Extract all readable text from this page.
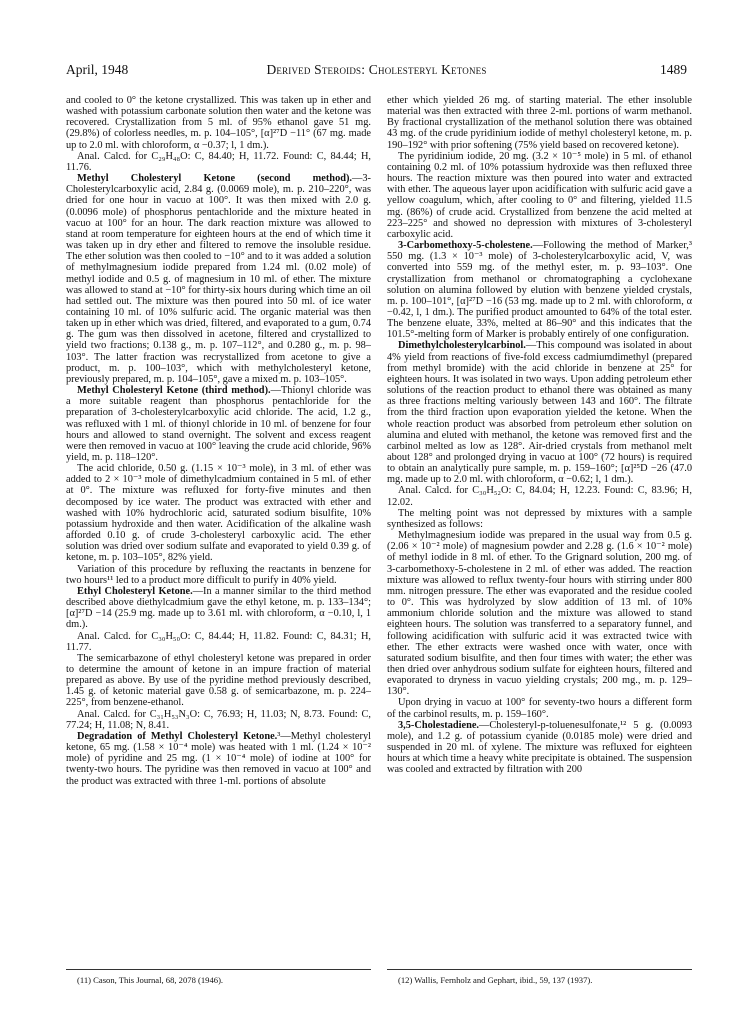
April, 1948	Derived Steroids: Cholesteryl Ketones	1489

and cooled to 0° the ketone crystallized. This was taken up in ether and washed with potassium carbonate solution then water and the ketone was recovered. Crystallization from 5 ml. of 95% ethanol gave 51 mg. (29.8%) of colorless needles, m. p. 104–105°, [α]²⁷D −11° (67 mg. made up to 2.0 ml. with chloroform, α −0.37; l, 1 dm.).

Anal. Calcd. for C₂₉H₄₈O: C, 84.40; H, 11.72. Found: C, 84.44; H, 11.76.

Methyl Cholesteryl Ketone (second method).—3-Cholesterylcarboxylic acid, 2.84 g. (0.0069 mole), m. p. 210–220°, was dried for one hour in vacuo at 100°. It was then mixed with 2.0 g. (0.0096 mole) of phosphorus pentachloride and the mixture heated in vacuo at 100° for an hour. The dark reaction mixture was allowed to stand at room temperature for eighteen hours at the end of which time it was taken up in dry ether and filtered to remove the insoluble residue. The ether solution was then cooled to −10° and to it was added a solution of methylmagnesium iodide prepared from 1.24 ml. (0.02 mole) of methyl iodide and 0.5 g. of magnesium in 10 ml. of ether. The mixture was allowed to stand at −10° for thirty-six hours during which time an oil had settled out. The mixture was then poured into 50 ml. of ice water containing 10 ml. of 10% sulfuric acid. The organic material was then taken up in ether which was dried, filtered, and evaporated to a gum, 0.74 g. The gum was then dissolved in acetone, filtered and crystallized to yield two fractions; 0.138 g., m. p. 107–112°, and 0.280 g., m. p. 98–103°. The latter fraction was recrystallized from acetone to give a product, m. p. 100–103°, which with methylcholesteryl ketone, previously prepared, m. p. 104–105°, gave a mixed m. p. 103–105°.

Methyl Cholesteryl Ketone (third method).—Thionyl chloride was a more suitable reagent than phosphorus pentachloride for the preparation of 3-cholesterylcarboxylic acid chloride. The acid, 1.2 g., was refluxed with 1 ml. of thionyl chloride in 10 ml. of benzene for four hours and allowed to stand overnight. The solvent and excess reagent were then removed in vacuo at 100° leaving the crude acid chloride, 96% yield, m. p. 118–120°.

The acid chloride, 0.50 g. (1.15 × 10⁻³ mole), in 3 ml. of ether was added to 2 × 10⁻³ mole of dimethylcadmium contained in 5 ml. of ether at 0°. The mixture was refluxed for forty-five minutes and then decomposed by ice water. The product was extracted with ether and washed with 10% hydrochloric acid, saturated sodium bisulfite, 10% potassium hydroxide and then water. Acidification of the alkaline wash afforded 0.10 g. of crude 3-cholesteryl carboxylic acid. The ether solution was dried over sodium sulfate and evaporated to yield 0.39 g. of ketone, m. p. 103–105°, 82% yield.

Variation of this procedure by refluxing the reactants in benzene for two hours¹¹ led to a product more difficult to purify in 40% yield.

Ethyl Cholesteryl Ketone.—In a manner similar to the third method described above diethylcadmium gave the ethyl ketone, m. p. 133–134°; [α]²⁷D −14 (25.9 mg. made up to 3.61 ml. with chloroform, α −0.10, l, 1 dm.).

Anal. Calcd. for C₃₀H₅₀O: C, 84.44; H, 11.82. Found: C, 84.31; H, 11.77.

The semicarbazone of ethyl cholesteryl ketone was prepared in order to determine the amount of ketone in an impure fraction of material prepared as above. By use of the pyridine method previously described, 1.45 g. of ketonic material gave 0.58 g. of semicarbazone, m. p. 224–225°, from benzene-ethanol.

Anal. Calcd. for C₃₁H₅₃N₃O: C, 76.93; H, 11.03; N, 8.73. Found: C, 77.24; H, 11.08; N, 8.41.

Degradation of Methyl Cholesteryl Ketone.³—Methyl cholesteryl ketone, 65 mg. (1.58 × 10⁻⁴ mole) was heated with 1 ml. (1.24 × 10⁻² mole) of pyridine and 25 mg. (1 × 10⁻⁴ mole) of iodine at 100° for twenty-two hours. The pyridine was then removed in vacuo at 100° and the product was extracted with three 1-ml. portions of absolute

ether which yielded 26 mg. of starting material. The ether insoluble material was then extracted with three 2-ml. portions of warm methanol. By fractional crystallization of the methanol solution there was obtained 43 mg. of the crude pyridinium iodide of methyl cholesteryl ketone, m. p. 190–192° with prior softening (75% yield based on recovered ketone).

The pyridinium iodide, 20 mg. (3.2 × 10⁻⁵ mole) in 5 ml. of ethanol containing 0.2 ml. of 10% potassium hydroxide was then refluxed three hours. The reaction mixture was then poured into water and extracted with ether. The aqueous layer upon acidification with sulfuric acid gave a yellow coagulum, which, after cooling to 0° and filtering, yielded 11.5 mg. (86%) of crude acid. Crystallized from benzene the acid melted at 223–225° and showed no depression with mixtures of 3-cholesteryl carboxylic acid.

3-Carbomethoxy-5-cholestene.—Following the method of Marker,³ 550 mg. (1.3 × 10⁻³ mole) of 3-cholesterylcarboxylic acid, V, was converted into 559 mg. of the methyl ester, m. p. 93–103°. One crystallization from methanol or chromatographing a cyclohexane solution on alumina followed by elution with benzene yielded crystals, m. p. 100–101°, [α]²⁷D −16 (53 mg. made up to 2 ml. with chloroform, α −0.42, l, 1 dm.). The purified product amounted to 64% of the total ester. The benzene eluate, 33%, melted at 86–90° and this indicates that the 101.5°-melting form of Marker is probably entirely of one configuration.

Dimethylcholesterylcarbinol.—This compound was isolated in about 4% yield from reactions of five-fold excess cadmiumdimethyl (prepared from methyl bromide) with the acid chloride in benzene at 25° for eighteen hours. It was isolated in two ways. Upon adding petroleum ether solutions of the reaction product to ethanol there was obtained as many as three fractions melting variously between 143 and 160°. The filtrate from the third fraction upon evaporation yielded the ketone. When the whole reaction product was absorbed from petroleum ether solution on alumina and eluted with methanol, the ketone was removed first and the carbinol melted as low as 128°. Air-dried crystals from methanol melt about 128° and prolonged drying in vacuo at 100° (72 hours) is required to obtain an analytically pure sample, m. p. 159–160°; [α]²⁵D −26 (47.0 mg. made up to 2.0 ml. with chloroform, α −0.62; l, 1 dm.).

Anal. Calcd. for C₃₀H₅₂O: C, 84.04; H, 12.23. Found: C, 83.96; H, 12.02.

The melting point was not depressed by mixtures with a sample synthesized as follows:

Methylmagnesium iodide was prepared in the usual way from 0.5 g. (2.06 × 10⁻² mole) of magnesium powder and 2.28 g. (1.6 × 10⁻² mole) of methyl iodide in 8 ml. of ether. To the Grignard solution, 200 mg. of 3-carbomethoxy-5-cholestene in 2 ml. of ether was added. The reaction mixture was allowed to reflux twenty-four hours with stirring under 800 mm. nitrogen pressure. The ether was evaporated and the residue cooled to 0°. This was hydrolyzed by slow addition of 13 ml. of 10% ammonium chloride solution and the mixture was allowed to stand eighteen hours. The solution was transferred to a separatory funnel, and following acidification with sulfuric acid it was extracted twice with ether. The ether extracts were washed once with water, once with saturated sodium bisulfite, and then four times with water; the ether was then dried over anhydrous sodium sulfate for eighteen hours, filtered and evaporated to dryness in vacuo yielding crystals; 200 mg., m. p. 129–130°.

Upon drying in vacuo at 100° for seventy-two hours a different form of the carbinol results, m. p. 159–160°.

3,5-Cholestadiene.—Cholesteryl-p-toluenesulfonate,¹² 5 g. (0.0093 mole), and 1.2 g. of potassium cyanide (0.0185 mole) were dried and suspended in 20 ml. of xylene. The mixture was refluxed for eighteen hours at which time a heavy white precipitate is obtained. The suspension was cooled and extracted by filtration with 200

(11) Cason, This Journal, 68, 2078 (1946).	(12) Wallis, Fernholz and Gephart, ibid., 59, 137 (1937).
